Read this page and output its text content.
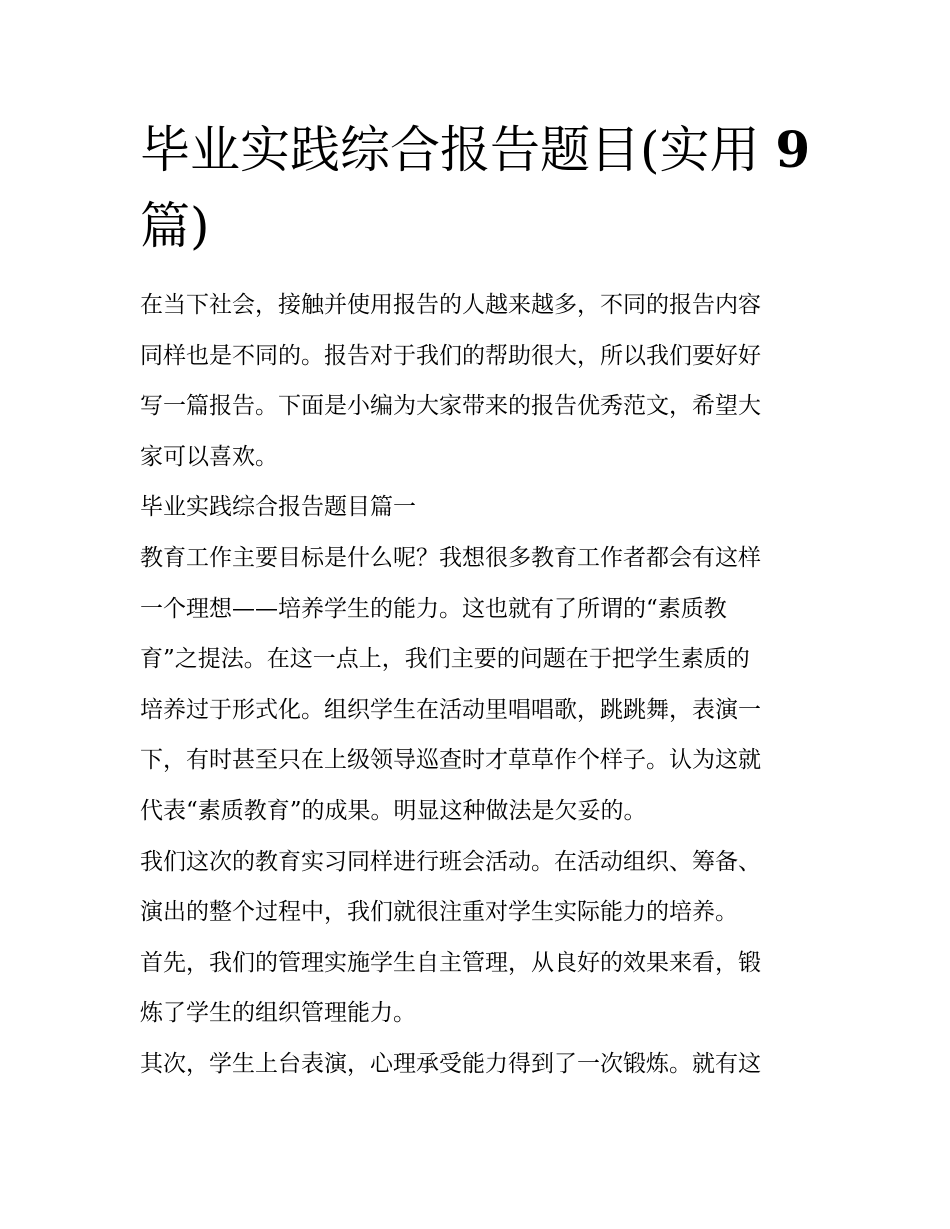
毕业实践综合报告题目(实用 9
篇)
在当下社会，接触并使用报告的人越来越多，不同的报告内容
同样也是不同的。报告对于我们的帮助很大，所以我们要好好
写一篇报告。下面是小编为大家带来的报告优秀范文，希望大
家可以喜欢。
毕业实践综合报告题目篇一
教育工作主要目标是什么呢？我想很多教育工作者都会有这样
一个理想——培养学生的能力。这也就有了所谓的“素质教
育”之提法。在这一点上，我们主要的问题在于把学生素质的
培养过于形式化。组织学生在活动里唱唱歌，跳跳舞，表演一
下，有时甚至只在上级领导巡查时才草草作个样子。认为这就
代表“素质教育”的成果。明显这种做法是欠妥的。
我们这次的教育实习同样进行班会活动。在活动组织、筹备、
演出的整个过程中，我们就很注重对学生实际能力的培养。
首先，我们的管理实施学生自主管理，从良好的效果来看，锻
炼了学生的组织管理能力。
其次，学生上台表演，心理承受能力得到了一次锻炼。就有这
